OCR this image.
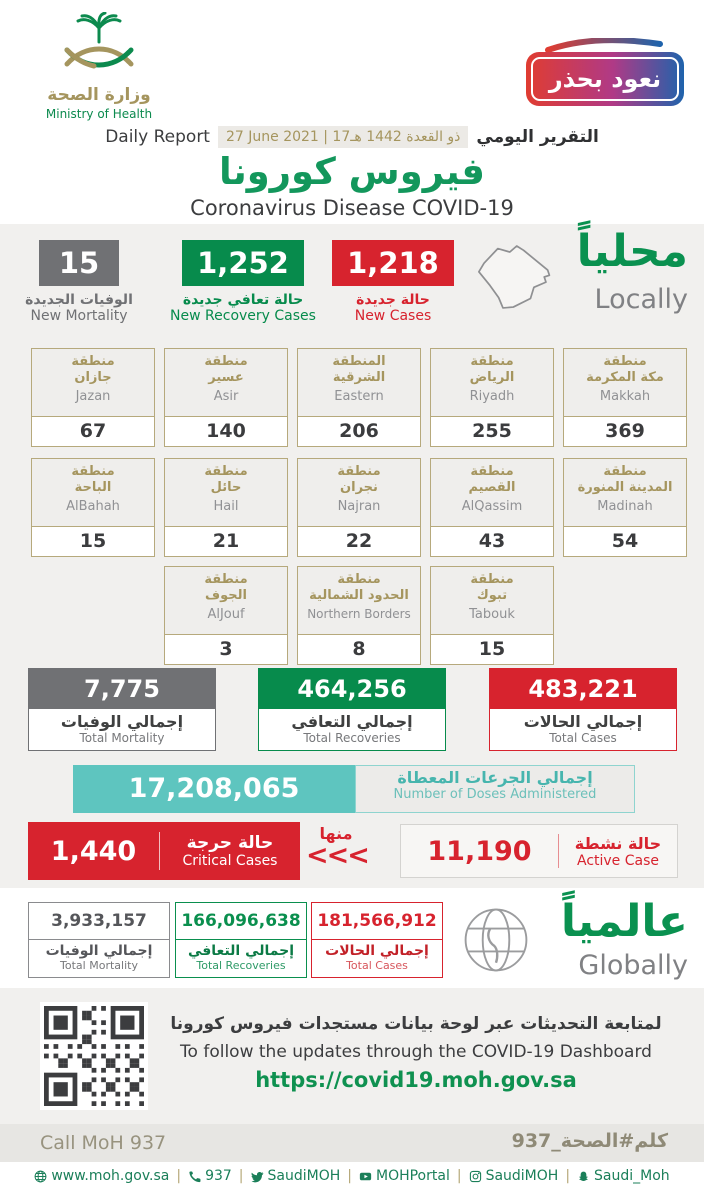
وزارة الصحة
Ministry of Health
نعود بحذر
Daily Report	27 June 2021 | 17ذو القعدة 1442 هـ التقرير اليومي
فيروس كورونا
Coronavirus Disease COVID-19
محلياً
Locally
15
الوفيات الجديدة
New Mortality
1,252
حالة تعافي جديدة
New Recovery Cases
1,218
حالة جديدة
New Cases
منطقة
جازان
Jazan
67
منطقة
عسير
Asir
140
المنطقة
الشرقية
Eastern
206
منطقة
الرياض
Riyadh
255
منطقة
مكة المكرمة
Makkah
369
منطقة
الباحة
AlBahah
15
منطقة
حائل
Hail
21
منطقة
نجران
Najran
22
منطقة
القصيم
AlQassim
43
منطقة
المدينة المنورة
Madinah
54
منطقة
الجوف
AlJouf
3
منطقة
الحدود الشمالية
Northern Borders
8
منطقة
تبوك
Tabouk
15
7,775
إجمالي الوفيات
Total Mortality
464,256
إجمالي التعافي
Total Recoveries
483,221
إجمالي الحالات
Total Cases
17,208,065	إجمالي الجرعات المعطاة
Number of Doses Administered
1,440	حالة حرجة
Critical Cases
منها
<<<	11,190	حالة نشطة
Active Case
3,933,157
إجمالي الوفيات
Total Mortality
166,096,638
إجمالي التعافي
Total Recoveries
181,566,912
إجمالي الحالات
Total Cases
عالمياً
Globally
لمتابعة التحديثات عبر لوحة بيانات مستجدات فيروس كورونا
To follow the updates through the COVID-19 Dashboard
https://covid19.moh.gov.sa
Call MoH 937	كلم#الصحة_937
www.moh.gov.sa | 937 | SaudiMOH | MOHPortal | SaudiMOH | Saudi_Moh
